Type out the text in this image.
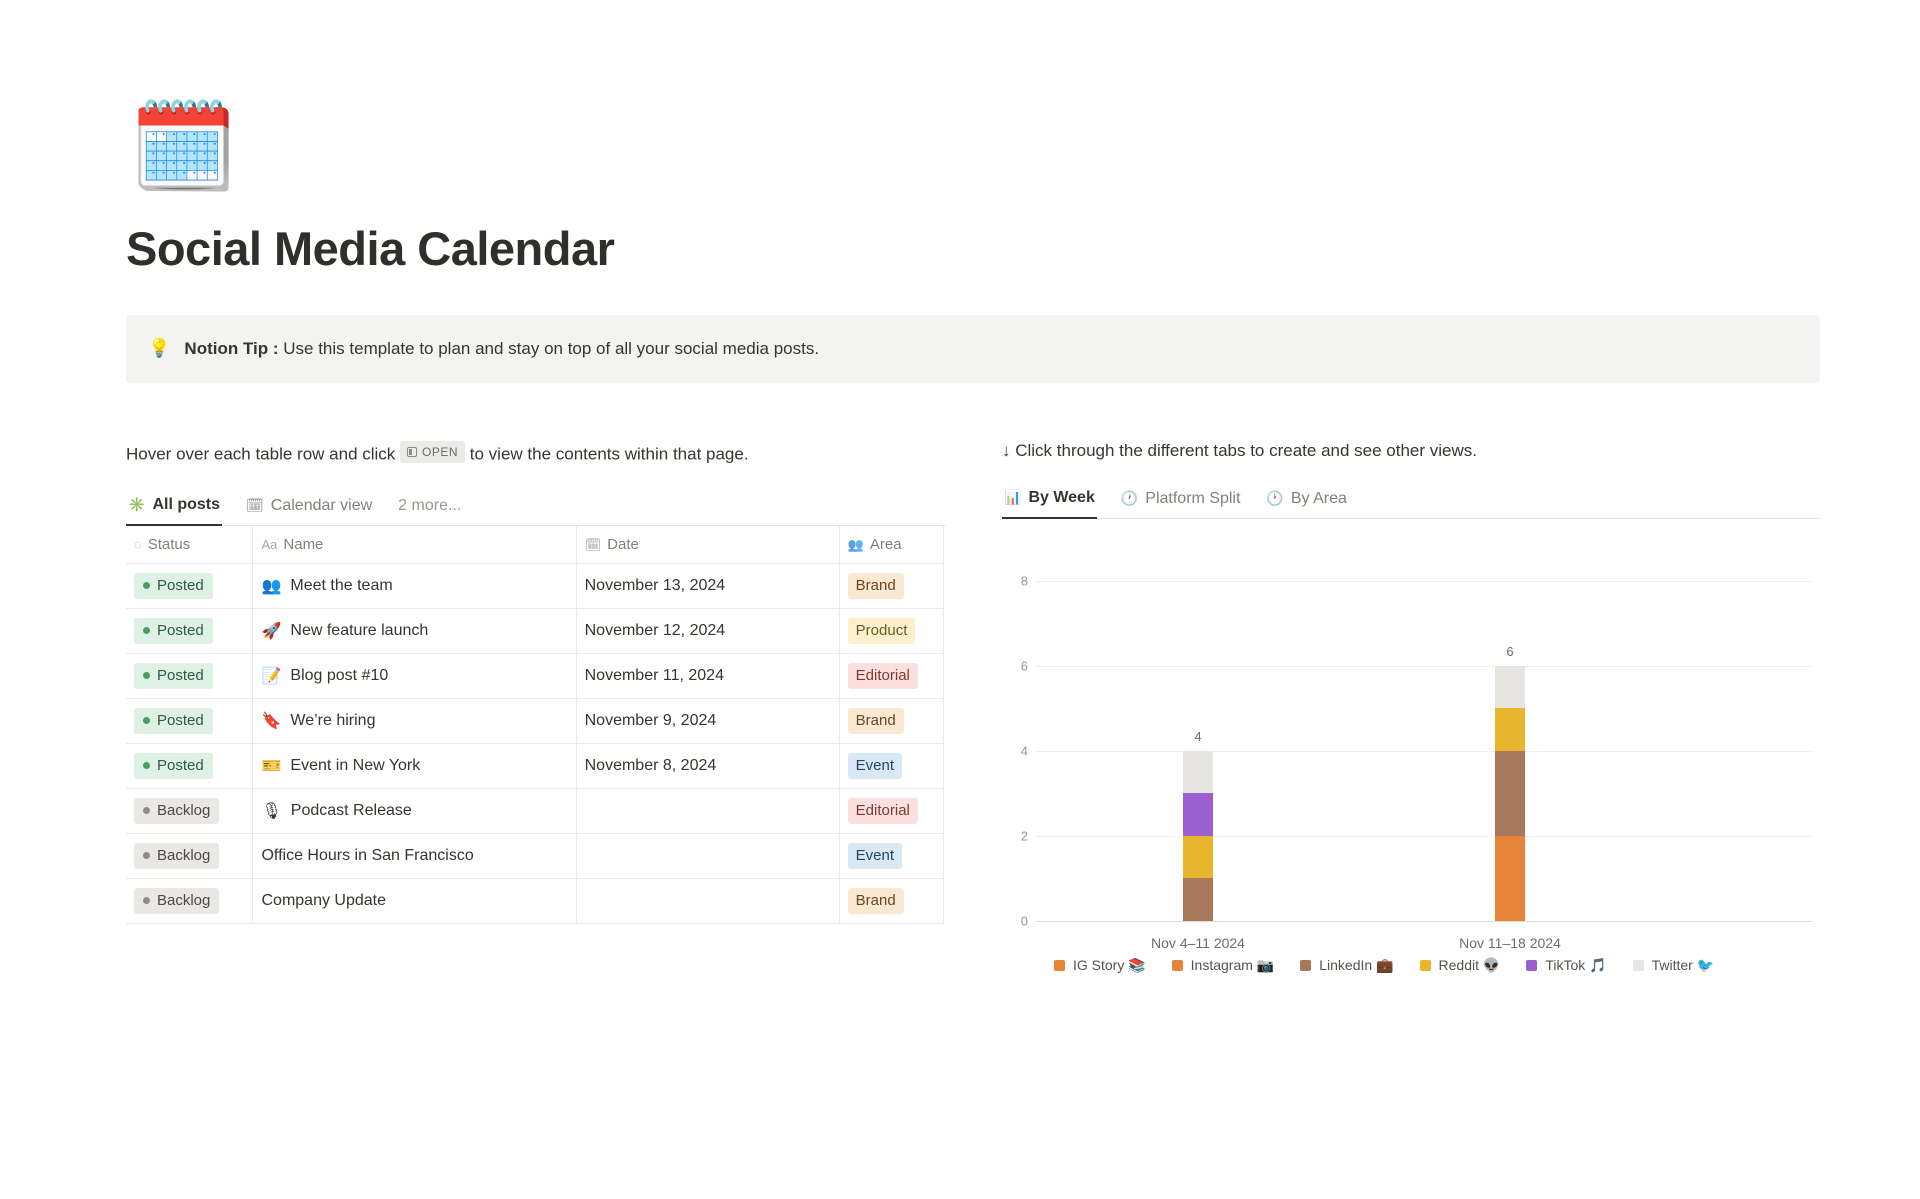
🗓️
Social Media Calendar
💡 Notion Tip : Use this template to plan and stay on top of all your social media posts.
Hover over each table row and click OPEN to view the contents within that page.
✳️ All posts 🗓 Calendar view 2 more...
◌ Status	Aa Name	🗓 Date	👥 Area

Posted	👥 Meet the team	November 13, 2024	Brand

Posted	🚀 New feature launch	November 12, 2024	Product

Posted	📝 Blog post #10	November 11, 2024	Editorial

Posted	🔖 We’re hiring	November 9, 2024	Brand

Posted	🎫 Event in New York	November 8, 2024	Event

Backlog	🎙 Podcast Release		Editorial

Backlog	Office Hours in San Francisco		Event

Backlog	Company Update		Brand
↓ Click through the different tabs to create and see other views.
📊 By Week 🕐 Platform Split 🕐 By Area
0
2
4
6
8
4
Nov 4–11 2024
6
Nov 11–18 2024
IG Story 📚	Instagram 📷	LinkedIn 💼	Reddit 👽	TikTok 🎵	Twitter 🐦
